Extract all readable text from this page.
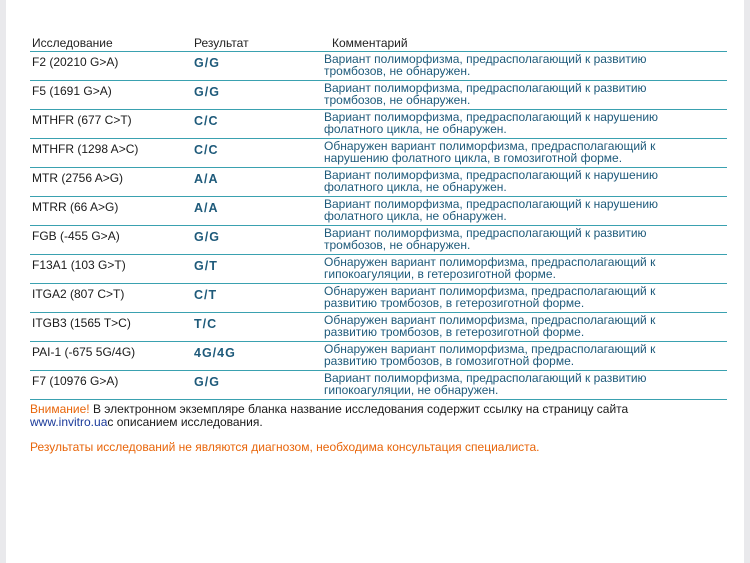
Исследование	Результат	Комментарий
F2 (20210 G>A)	G/G	Вариант полиморфизма, предрасполагающий к развитию
тромбозов, не обнаружен.
F5 (1691 G>A)	G/G	Вариант полиморфизма, предрасполагающий к развитию
тромбозов, не обнаружен.
MTHFR (677 C>T)	C/C	Вариант полиморфизма, предрасполагающий к нарушению
фолатного цикла, не обнаружен.
MTHFR (1298 A>C)	C/C	Обнаружен вариант полиморфизма, предрасполагающий к
нарушению фолатного цикла, в гомозиготной форме.
MTR (2756 A>G)	A/A	Вариант полиморфизма, предрасполагающий к нарушению
фолатного цикла, не обнаружен.
MTRR (66 A>G)	A/A	Вариант полиморфизма, предрасполагающий к нарушению
фолатного цикла, не обнаружен.
FGB (-455 G>A)	G/G	Вариант полиморфизма, предрасполагающий к развитию
тромбозов, не обнаружен.
F13A1 (103 G>T)	G/T	Обнаружен вариант полиморфизма, предрасполагающий к
гипокоагуляции, в гетерозиготной форме.
ITGA2 (807 C>T)	C/T	Обнаружен вариант полиморфизма, предрасполагающий к
развитию тромбозов, в гетерозиготной форме.
ITGB3 (1565 T>C)	T/C	Обнаружен вариант полиморфизма, предрасполагающий к
развитию тромбозов, в гетерозиготной форме.
PAI-1 (-675 5G/4G)	4G/4G	Обнаружен вариант полиморфизма, предрасполагающий к
развитию тромбозов, в гомозиготной форме.
F7 (10976 G>A)	G/G	Вариант полиморфизма, предрасполагающий к развитию
гипокоагуляции, не обнаружен.
Внимание! В электронном экземпляре бланка название исследования содержит ссылку на страницу сайта
www.invitro.uaс описанием исследования.
Результаты исследований не являются диагнозом, необходима консультация специалиста.
